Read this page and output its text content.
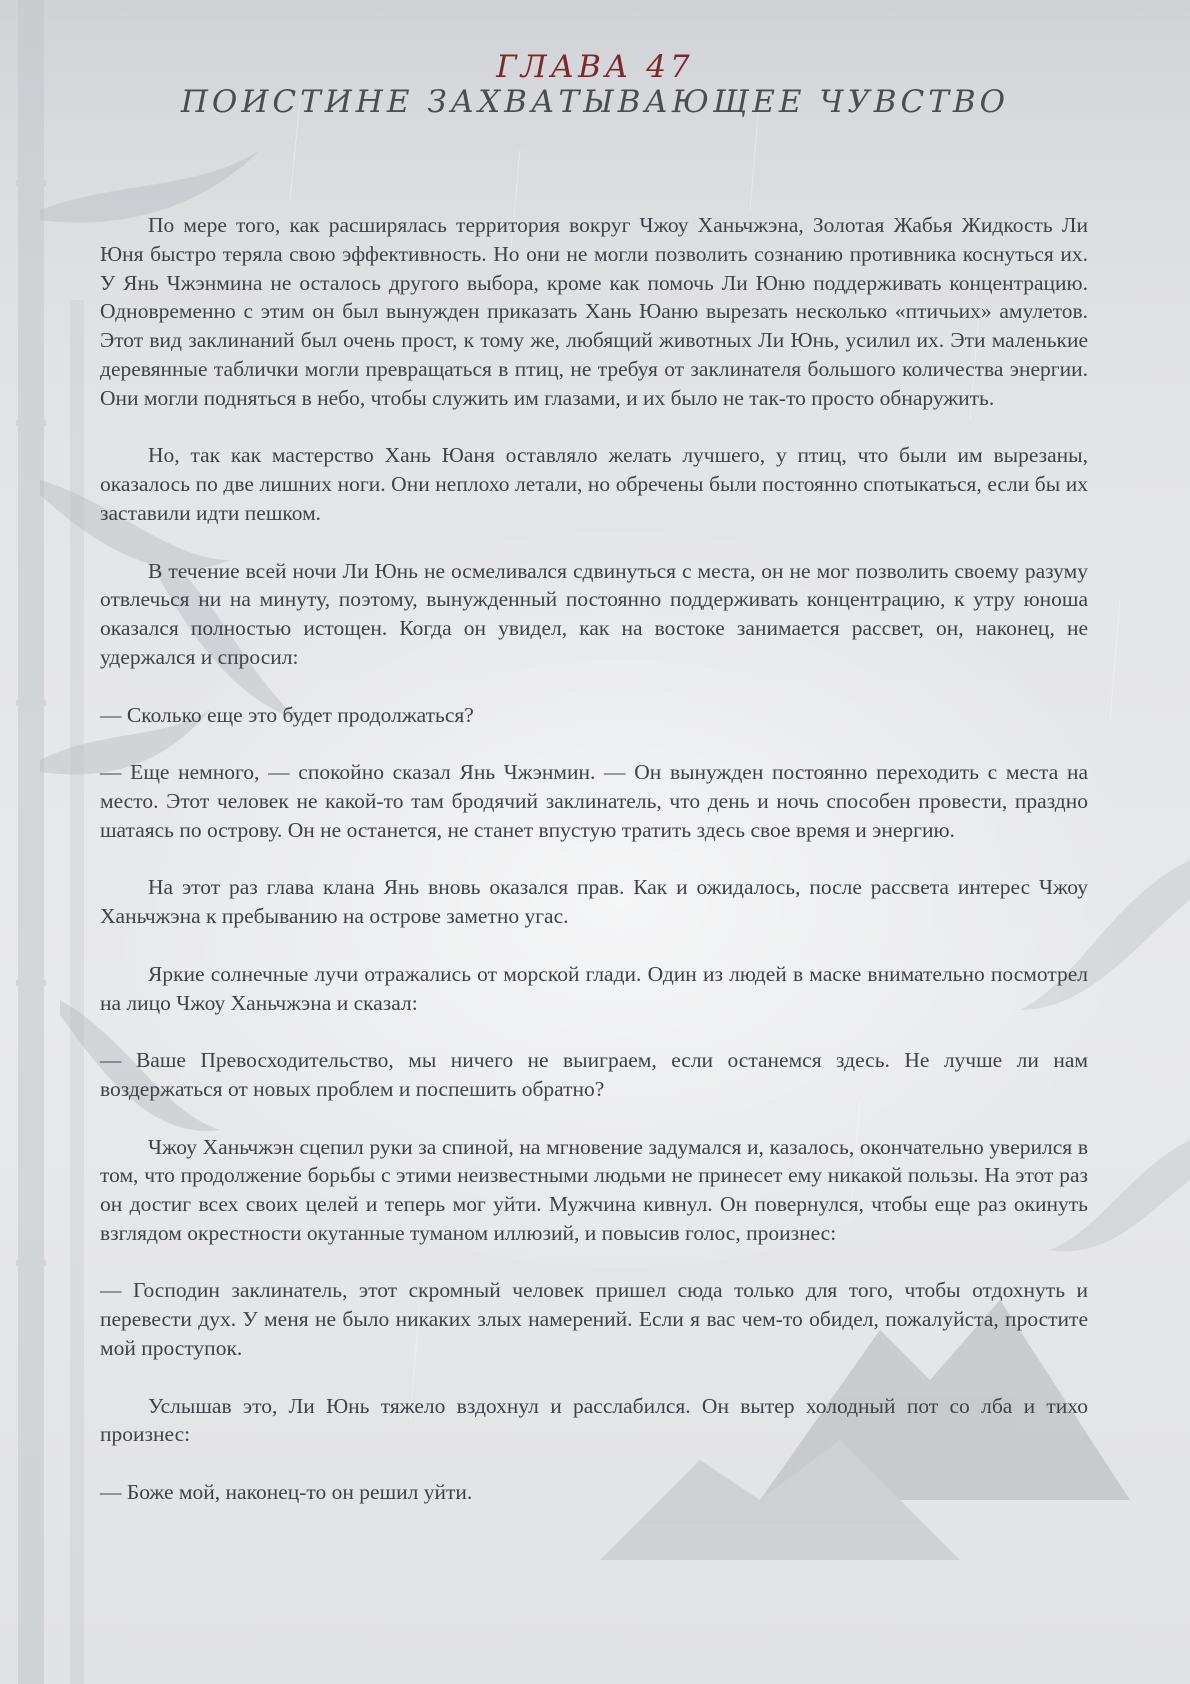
ГЛАВА 47
ПОИСТИНЕ ЗАХВАТЫВАЮЩЕЕ ЧУВСТВО

По мере того, как расширялась территория вокруг Чжоу Ханьчжэна, Золотая Жабья Жидкость Ли Юня быстро теряла свою эффективность. Но они не могли позволить сознанию противника коснуться их. У Янь Чжэнмина не осталось другого выбора, кроме как помочь Ли Юню поддерживать концентрацию. Одновременно с этим он был вынужден приказать Хань Юаню вырезать несколько «птичьих» амулетов. Этот вид заклинаний был очень прост, к тому же, любящий животных Ли Юнь, усилил их. Эти маленькие деревянные таблички могли превращаться в птиц, не требуя от заклинателя большого количества энергии. Они могли подняться в небо, чтобы служить им глазами, и их было не так-то просто обнаружить.

Но, так как мастерство Хань Юаня оставляло желать лучшего, у птиц, что были им вырезаны, оказалось по две лишних ноги. Они неплохо летали, но обречены были постоянно спотыкаться, если бы их заставили идти пешком.

В течение всей ночи Ли Юнь не осмеливался сдвинуться с места, он не мог позволить своему разуму отвлечься ни на минуту, поэтому, вынужденный постоянно поддерживать концентрацию, к утру юноша оказался полностью истощен. Когда он увидел, как на востоке занимается рассвет, он, наконец, не удержался и спросил:

— Сколько еще это будет продолжаться?

— Еще немного, — спокойно сказал Янь Чжэнмин. — Он вынужден постоянно переходить с места на место. Этот человек не какой-то там бродячий заклинатель, что день и ночь способен провести, праздно шатаясь по острову. Он не останется, не станет впустую тратить здесь свое время и энергию.

На этот раз глава клана Янь вновь оказался прав. Как и ожидалось, после рассвета интерес Чжоу Ханьчжэна к пребыванию на острове заметно угас.

Яркие солнечные лучи отражались от морской глади. Один из людей в маске внимательно посмотрел на лицо Чжоу Ханьчжэна и сказал:

— Ваше Превосходительство, мы ничего не выиграем, если останемся здесь. Не лучше ли нам воздержаться от новых проблем и поспешить обратно?

Чжоу Ханьчжэн сцепил руки за спиной, на мгновение задумался и, казалось, окончательно уверился в том, что продолжение борьбы с этими неизвестными людьми не принесет ему никакой пользы. На этот раз он достиг всех своих целей и теперь мог уйти. Мужчина кивнул. Он повернулся, чтобы еще раз окинуть взглядом окрестности окутанные туманом иллюзий, и повысив голос, произнес:

— Господин заклинатель, этот скромный человек пришел сюда только для того, чтобы отдохнуть и перевести дух. У меня не было никаких злых намерений. Если я вас чем-то обидел, пожалуйста, простите мой проступок.

Услышав это, Ли Юнь тяжело вздохнул и расслабился. Он вытер холодный пот со лба и тихо произнес:

— Боже мой, наконец-то он решил уйти.
